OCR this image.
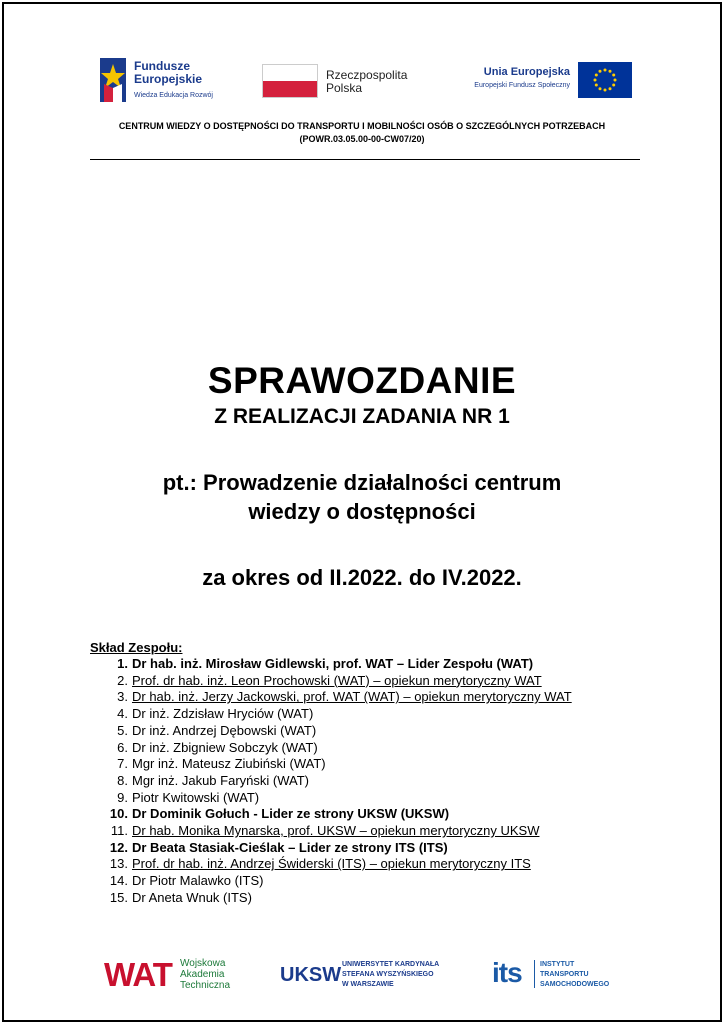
Fundusze
Europejskie
Wiedza Edukacja Rozwój
Rzeczpospolita
Polska
Unia Europejska
Europejski Fundusz Społeczny
CENTRUM WIEDZY O DOSTĘPNOŚCI DO TRANSPORTU I MOBILNOŚCI OSÓB O SZCZEGÓLNYCH POTRZEBACH
(POWR.03.05.00-00-CW07/20)
SPRAWOZDANIE
Z REALIZACJI ZADANIA NR 1
pt.: Prowadzenie działalności centrum
wiedzy o dostępności
za okres od II.2022. do IV.2022.
Skład Zespołu:
1. Dr hab. inż. Mirosław Gidlewski, prof. WAT – Lider Zespołu (WAT)
2. Prof. dr hab. inż. Leon Prochowski (WAT) – opiekun merytoryczny WAT
3. Dr hab. inż. Jerzy Jackowski, prof. WAT (WAT) – opiekun merytoryczny WAT
4. Dr inż. Zdzisław Hryciów (WAT)
5. Dr inż. Andrzej Dębowski (WAT)
6. Dr inż. Zbigniew Sobczyk (WAT)
7. Mgr inż. Mateusz Ziubiński (WAT)
8. Mgr inż. Jakub Faryński (WAT)
9. Piotr Kwitowski (WAT)
10. Dr Dominik Gołuch - Lider ze strony UKSW (UKSW)
11. Dr hab. Monika Mynarska, prof. UKSW – opiekun merytoryczny UKSW
12. Dr Beata Stasiak-Cieślak – Lider ze strony ITS (ITS)
13. Prof. dr hab. inż. Andrzej Świderski (ITS) – opiekun merytoryczny ITS
14. Dr Piotr Malawko (ITS)
15. Dr Aneta Wnuk (ITS)
WAT Wojskowa
Akademia
Techniczna UKSW UNIWERSYTET KARDYNAŁA
STEFANA WYSZYŃSKIEGO
W WARSZAWIE	its	INSTYTUT
TRANSPORTU
SAMOCHODOWEGO
